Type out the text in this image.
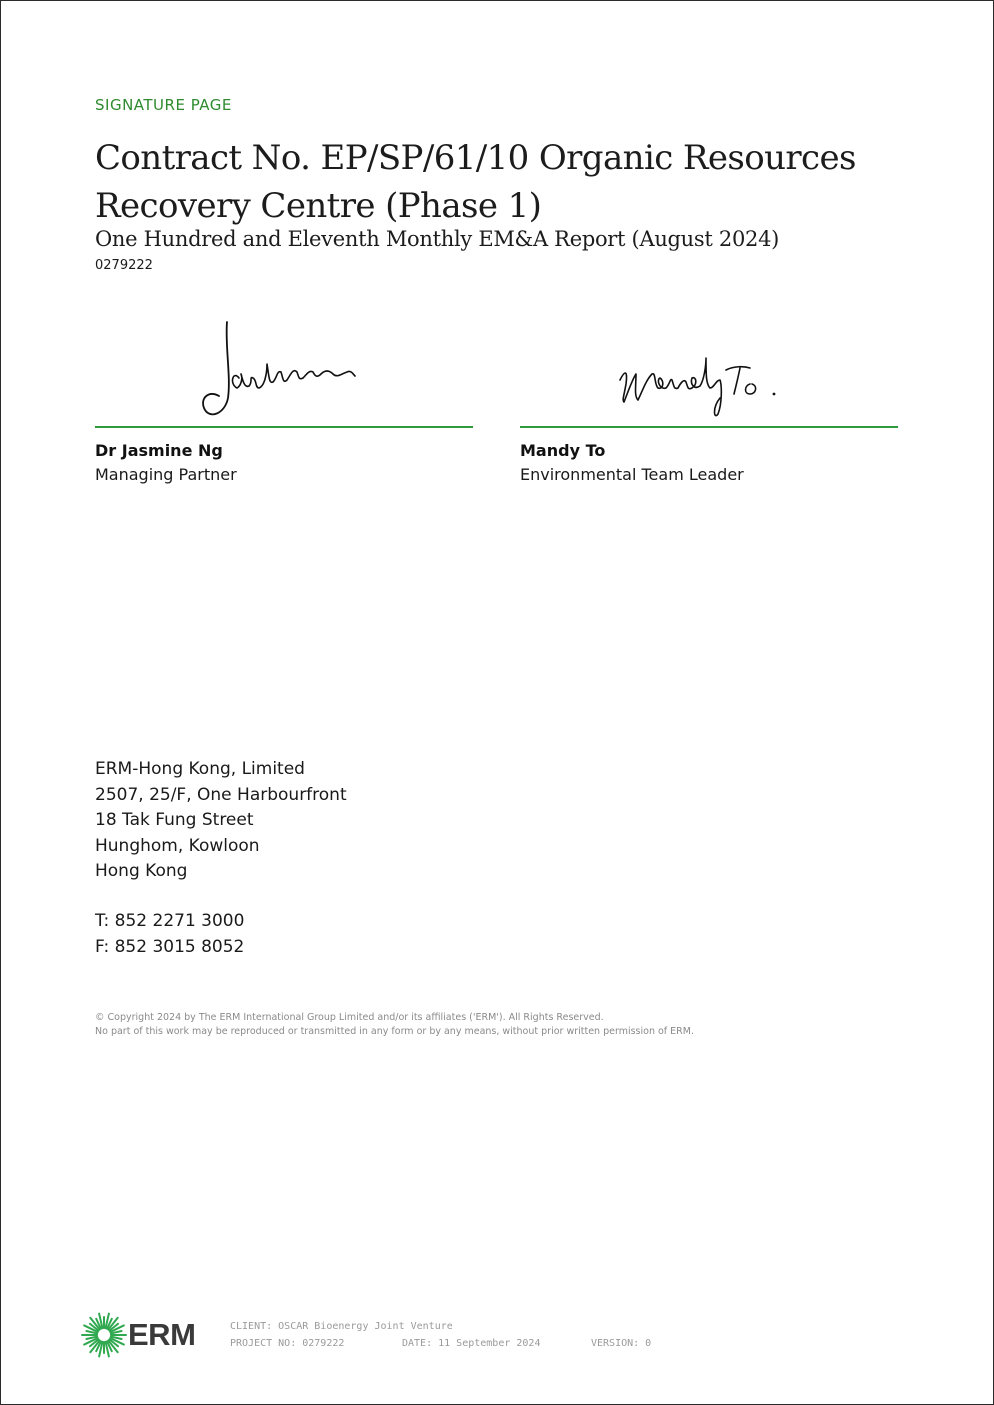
SIGNATURE PAGE
Contract No. EP/SP/61/10 Organic Resources Recovery Centre (Phase 1)
One Hundred and Eleventh Monthly EM&A Report (August 2024)
0279222
Dr Jasmine Ng
Managing Partner
Mandy To
Environmental Team Leader
ERM-Hong Kong, Limited
2507, 25/F, One Harbourfront
18 Tak Fung Street
Hunghom, Kowloon
Hong Kong
T: 852 2271 3000
F: 852 3015 8052
© Copyright 2024 by The ERM International Group Limited and/or its affiliates ('ERM'). All Rights Reserved.
No part of this work may be reproduced or transmitted in any form or by any means, without prior written permission of ERM.
ERM	CLIENT: OSCAR Bioenergy Joint Venture
PROJECT NO: 0279222	DATE: 11 September 2024	VERSION: 0
